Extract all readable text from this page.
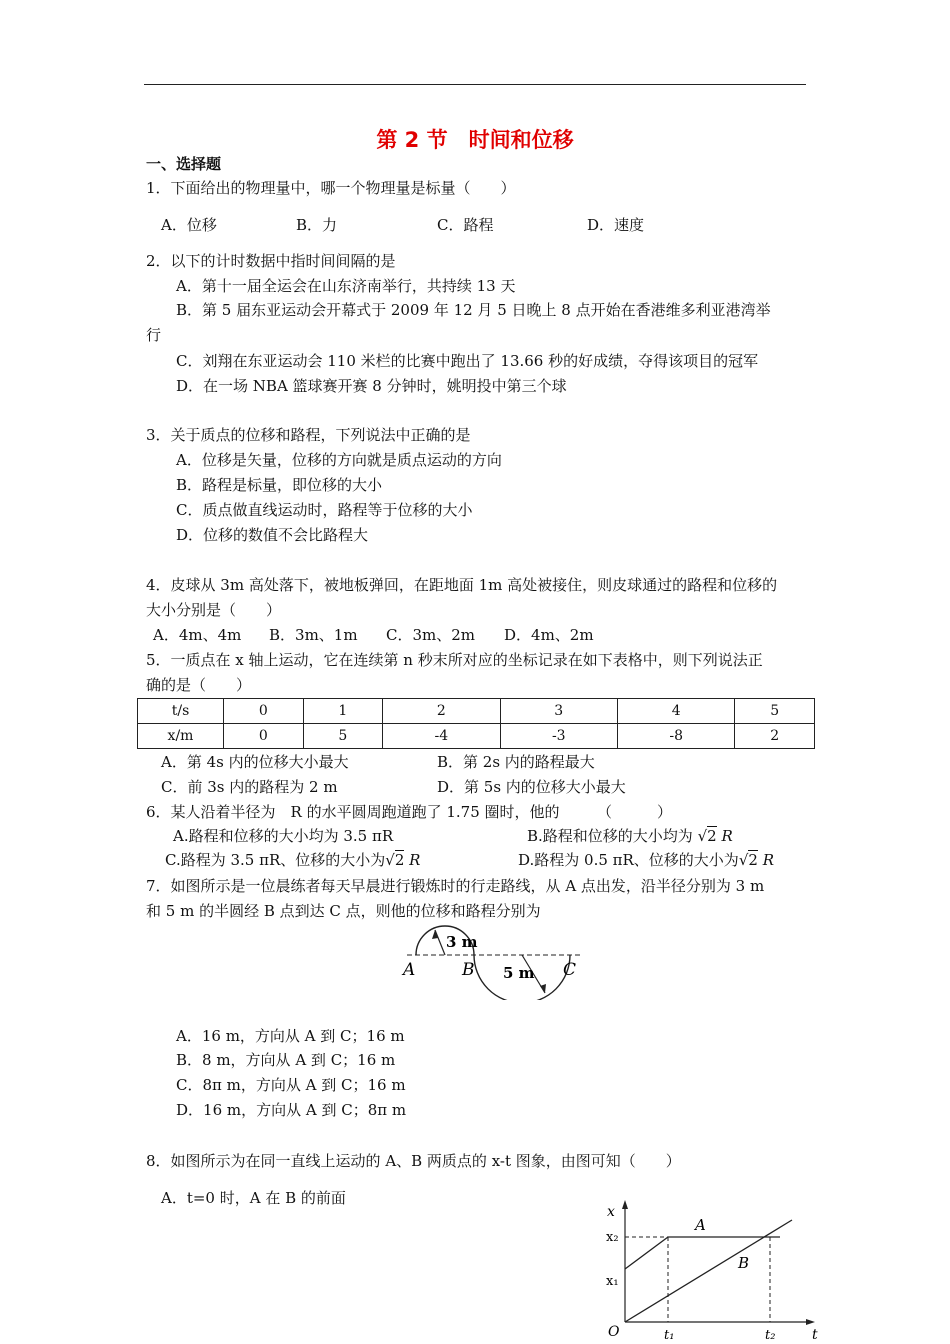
第 2 节　时间和位移
一、选择题
1．下面给出的物理量中，哪一个物理量是标量（　　）
A．位移	B．力	C．路程	D．速度
2．以下的计时数据中指时间间隔的是
A．第十一届全运会在山东济南举行，共持续 13 天
B．第 5 届东亚运动会开幕式于 2009 年 12 月 5 日晚上 8 点开始在香港维多利亚港湾举
行
C．刘翔在东亚运动会 110 米栏的比赛中跑出了 13.66 秒的好成绩，夺得该项目的冠军
D．在一场 NBA 篮球赛开赛 8 分钟时，姚明投中第三个球
3．关于质点的位移和路程，下列说法中正确的是
A．位移是矢量，位移的方向就是质点运动的方向
B．路程是标量，即位移的大小
C．质点做直线运动时，路程等于位移的大小
D．位移的数值不会比路程大
4．皮球从 3m 高处落下，被地板弹回，在距地面 1m 高处被接住，则皮球通过的路程和位移的
大小分别是（　　）
A．4m、4m B．3m、1m C．3m、2m D．4m、2m
5．一质点在 x 轴上运动，它在连续第 n 秒末所对应的坐标记录在如下表格中，则下列说法正
确的是（　　）
t/s	0	1	2	3	4	5
x/m	0	5	-4	-3	-8	2
A．第 4s 内的位移大小最大	B．第 2s 内的路程最大
C．前 3s 内的路程为 2 m	D．第 5s 内的位移大小最大
6．某人沿着半径为　R 的水平圆周跑道跑了 1.75 圈时，他的　　　（　　　）
A.路程和位移的大小均为 3.5 πR	B.路程和位移的大小均为 √2 R
C.路程为 3.5 πR、位移的大小为√2 R	D.路程为 0.5 πR、位移的大小为√2 R
7．如图所示是一位晨练者每天早晨进行锻炼时的行走路线，从 A 点出发，沿半径分别为 3 m
和 5 m 的半圆经 B 点到达 C 点，则他的位移和路程分别为
3 m
5 m
A	B	C
A．16 m，方向从 A 到 C；16 m
B．8 m，方向从 A 到 C；16 m
C．8π m，方向从 A 到 C；16 m
D．16 m，方向从 A 到 C；8π m
8．如图所示为在同一直线上运动的 A、B 两质点的 x-t 图象，由图可知（　　）
A．t=0 时，A 在 B 的前面
x
t
O
x₂
x₁
t₁	t₂
A
B
